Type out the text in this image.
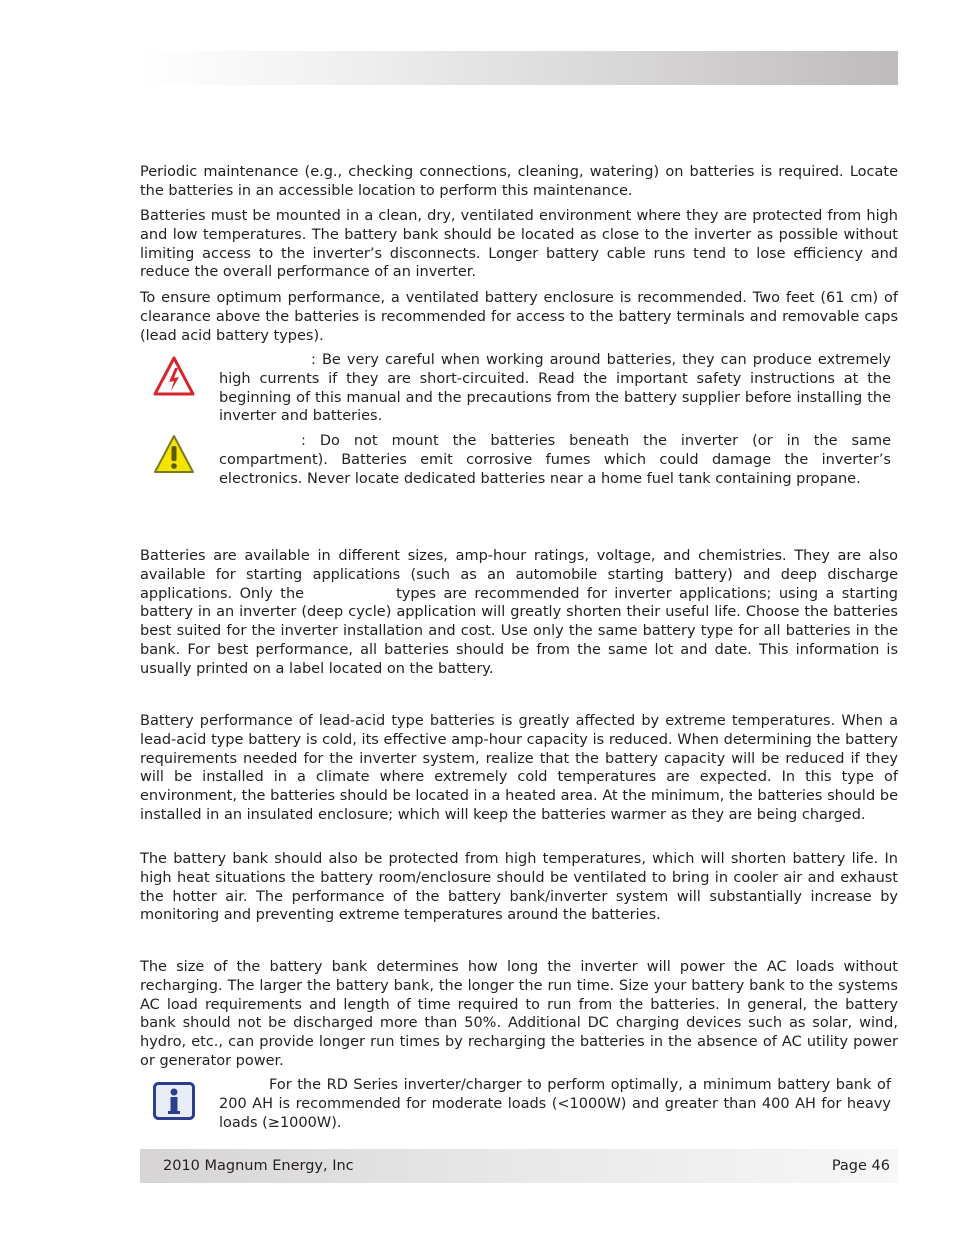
Periodic maintenance (e.g., checking connections, cleaning, watering) on batteries is required. Locate the batteries in an accessible location to perform this maintenance.

Batteries must be mounted in a clean, dry, ventilated environment where they are protected from high and low temperatures. The battery bank should be located as close to the inverter as possible without limiting access to the inverter’s disconnects. Longer battery cable runs tend to lose efficiency and reduce the overall performance of an inverter.

To ensure optimum performance, a ventilated battery enclosure is recommended. Two feet (61 cm) of clearance above the batteries is recommended for access to the battery terminals and removable caps (lead acid battery types).

: Be very careful when working around batteries, they can produce extremely high currents if they are short-circuited. Read the important safety instructions at the beginning of this manual and the precautions from the battery supplier before installing the inverter and batteries.

: Do not mount the batteries beneath the inverter (or in the same compartment). Batteries emit corrosive fumes which could damage the inverter’s electronics. Never locate dedicated batteries near a home fuel tank containing propane.

Batteries are available in different sizes, amp-hour ratings, voltage, and chemistries. They are also available for starting applications (such as an automobile starting battery) and deep discharge applications. Only the	types are recommended for inverter applications; using a starting battery in an inverter (deep cycle) application will greatly shorten their useful life. Choose the batteries best suited for the inverter installation and cost. Use only the same battery type for all batteries in the bank. For best performance, all batteries should be from the same lot and date. This information is usually printed on a label located on the battery.

Battery performance of lead-acid type batteries is greatly affected by extreme temperatures. When a lead-acid type battery is cold, its effective amp-hour capacity is reduced. When determining the battery requirements needed for the inverter system, realize that the battery capacity will be reduced if they will be installed in a climate where extremely cold temperatures are expected. In this type of environment, the batteries should be located in a heated area. At the minimum, the batteries should be installed in an insulated enclosure; which will keep the batteries warmer as they are being charged.

The battery bank should also be protected from high temperatures, which will shorten battery life. In high heat situations the battery room/enclosure should be ventilated to bring in cooler air and exhaust the hotter air. The performance of the battery bank/inverter system will substantially increase by monitoring and preventing extreme temperatures around the batteries.

The size of the battery bank determines how long the inverter will power the AC loads without recharging. The larger the battery bank, the longer the run time. Size your battery bank to the systems AC load requirements and length of time required to run from the batteries. In general, the battery bank should not be discharged more than 50%. Additional DC charging devices such as solar, wind, hydro, etc., can provide longer run times by recharging the batteries in the absence of AC utility power or generator power.

For the RD Series inverter/charger to perform optimally, a minimum battery bank of 200 AH is recommended for moderate loads (<1000W) and greater than 400 AH for heavy loads (≥1000W).

2010 Magnum Energy, Inc	Page 46
